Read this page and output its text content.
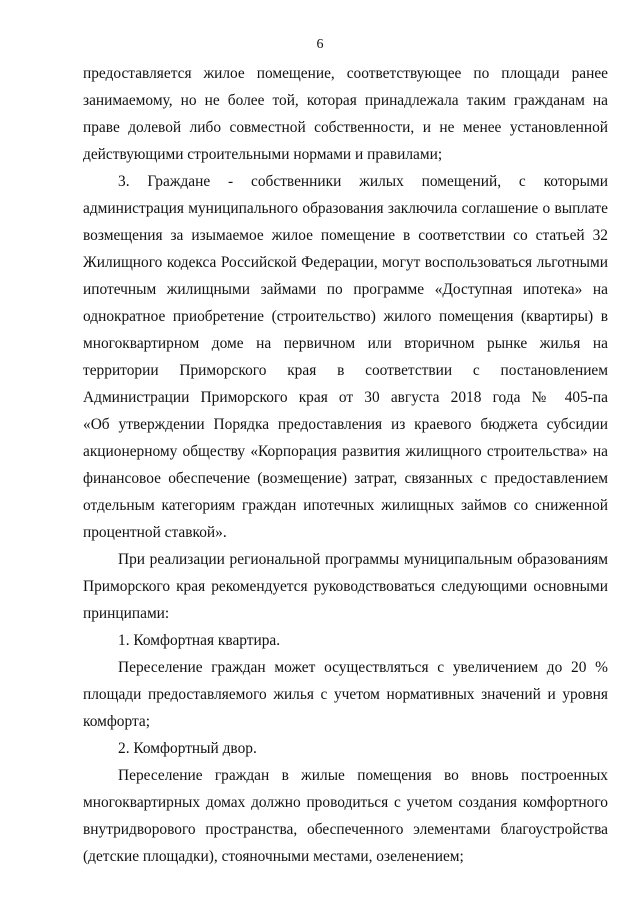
6
предоставляется жилое помещение, соответствующее по площади ранее
занимаемому, но не более той, которая принадлежала таким гражданам на
праве долевой либо совместной собственности, и не менее установленной
действующими строительными нормами и правилами;
3. Граждане - собственники жилых помещений, с которыми
администрация муниципального образования заключила соглашение о выплате
возмещения за изымаемое жилое помещение в соответствии со статьей 32
Жилищного кодекса Российской Федерации, могут воспользоваться льготными
ипотечным жилищными займами по программе «Доступная ипотека» на
однократное приобретение (строительство) жилого помещения (квартиры) в
многоквартирном доме на первичном или вторичном рынке жилья на
территории Приморского края в соответствии с постановлением
Администрации Приморского края от 30 августа 2018 года № 405-па
«Об утверждении Порядка предоставления из краевого бюджета субсидии
акционерному обществу «Корпорация развития жилищного строительства» на
финансовое обеспечение (возмещение) затрат, связанных с предоставлением
отдельным категориям граждан ипотечных жилищных займов со сниженной
процентной ставкой».
При реализации региональной программы муниципальным образованиям
Приморского края рекомендуется руководствоваться следующими основными
принципами:
1. Комфортная квартира.
Переселение граждан может осуществляться с увеличением до 20 %
площади предоставляемого жилья с учетом нормативных значений и уровня
комфорта;
2. Комфортный двор.
Переселение граждан в жилые помещения во вновь построенных
многоквартирных домах должно проводиться с учетом создания комфортного
внутридворового пространства, обеспеченного элементами благоустройства
(детские площадки), стояночными местами, озеленением;
